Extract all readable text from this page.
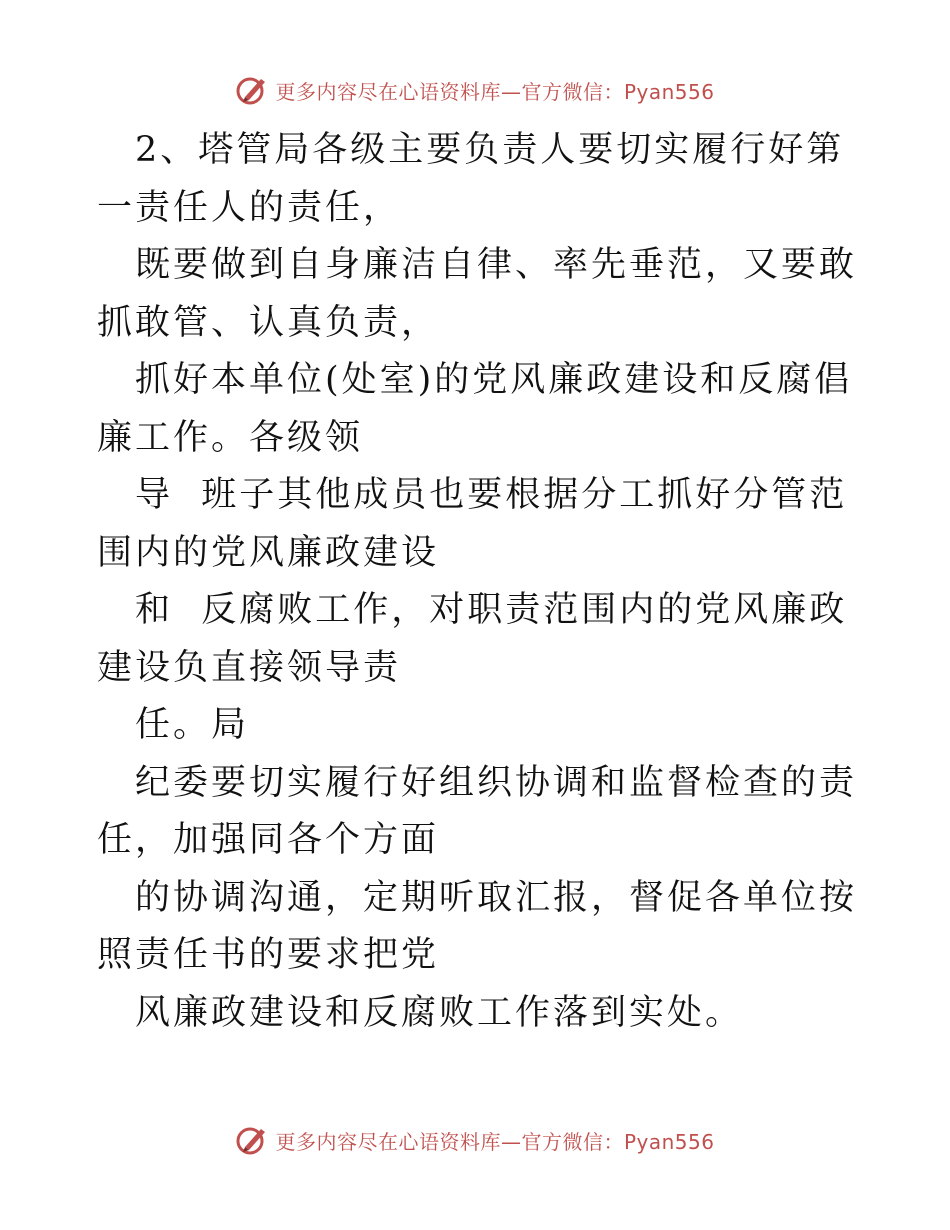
更多内容尽在心语资料库—官方微信：Pyan556

2、塔管局各级主要负责人要切实履行好第一责任人的责任，

既要做到自身廉洁自律、率先垂范，又要敢抓敢管、认真负责，

抓好本单位(处室)的党风廉政建设和反腐倡廉工作。各级领

导  班子其他成员也要根据分工抓好分管范围内的党风廉政建设

和  反腐败工作，对职责范围内的党风廉政建设负直接领导责

任。局

纪委要切实履行好组织协调和监督检查的责任，加强同各个方面

的协调沟通，定期听取汇报，督促各单位按照责任书的要求把党

风廉政建设和反腐败工作落到实处。

更多内容尽在心语资料库—官方微信：Pyan556
